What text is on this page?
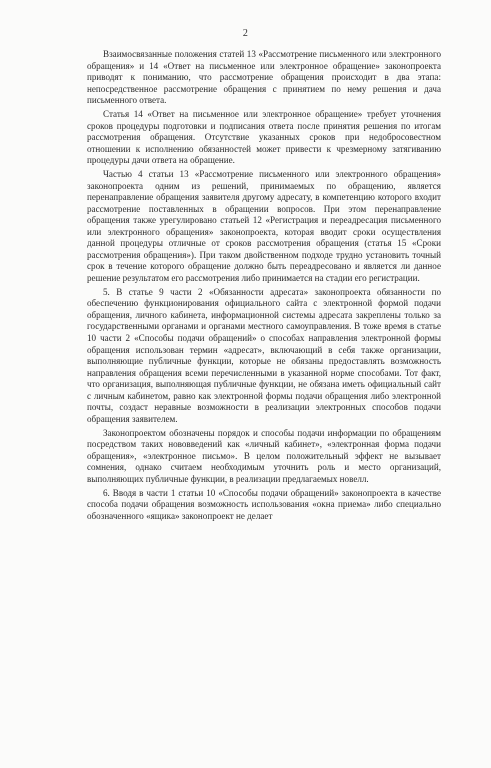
2

Взаимосвязанные положения статей 13 «Рассмотрение письменного или электронного обращения» и 14 «Ответ на письменное или электронное обращение» законопроекта приводят к пониманию, что рассмотрение обращения происходит в два этапа: непосредственное рассмотрение обращения с принятием по нему решения и дача письменного ответа.

Статья 14 «Ответ на письменное или электронное обращение» требует уточнения сроков процедуры подготовки и подписания ответа после принятия решения по итогам рассмотрения обращения. Отсутствие указанных сроков при недобросовестном отношении к исполнению обязанностей может привести к чрезмерному затягиванию процедуры дачи ответа на обращение.

Частью 4 статьи 13 «Рассмотрение письменного или электронного обращения» законопроекта одним из решений, принимаемых по обращению, является перенаправление обращения заявителя другому адресату, в компетенцию которого входит рассмотрение поставленных в обращении вопросов. При этом перенаправление обращения также урегулировано статьей 12 «Регистрация и переадресация письменного или электронного обращения» законопроекта, которая вводит сроки осуществления данной процедуры отличные от сроков рассмотрения обращения (статья 15 «Сроки рассмотрения обращения»). При таком двойственном подходе трудно установить точный срок в течение которого обращение должно быть переадресовано и является ли данное решение результатом его рассмотрения либо принимается на стадии его регистрации.

5. В статье 9 части 2 «Обязанности адресата» законопроекта обязанности по обеспечению функционирования официального сайта с электронной формой подачи обращения, личного кабинета, информационной системы адресата закреплены только за государственными органами и органами местного самоуправления. В тоже время в статье 10 части 2 «Способы подачи обращений» о способах направления электронной формы обращения использован термин «адресат», включающий в себя также организации, выполняющие публичные функции, которые не обязаны предоставлять возможность направления обращения всеми перечисленными в указанной норме способами. Тот факт, что организация, выполняющая публичные функции, не обязана иметь официальный сайт с личным кабинетом, равно как электронной формы подачи обращения либо электронной почты, создаст неравные возможности в реализации электронных способов подачи обращения заявителем.

Законопроектом обозначены порядок и способы подачи информации по обращениям посредством таких нововведений как «личный кабинет», «электронная форма подачи обращения», «электронное письмо». В целом положительный эффект не вызывает сомнения, однако считаем необходимым уточнить роль и место организаций, выполняющих публичные функции, в реализации предлагаемых новелл.

6. Вводя в части 1 статьи 10 «Способы подачи обращений» законопроекта в качестве способа подачи обращения возможность использования «окна приема» либо специально обозначенного «ящика» законопроект не делает
